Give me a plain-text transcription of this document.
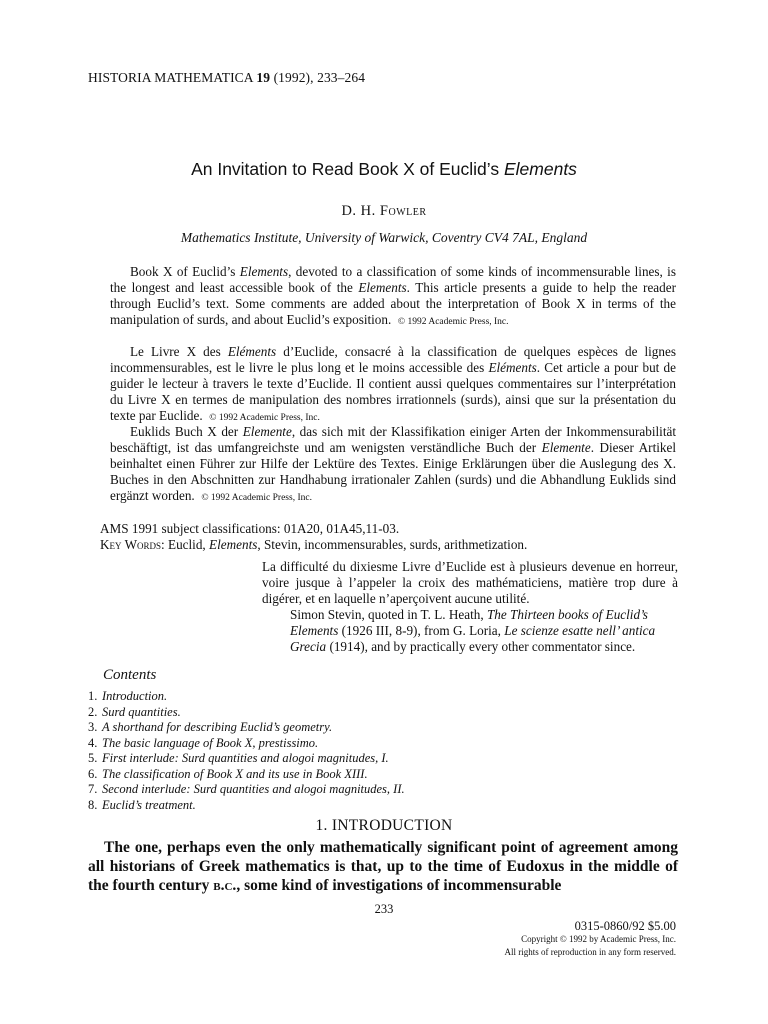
HISTORIA MATHEMATICA 19 (1992), 233–264
An Invitation to Read Book X of Euclid’s Elements
D. H. Fowler
Mathematics Institute, University of Warwick, Coventry CV4 7AL, England

Book X of Euclid’s Elements, devoted to a classification of some kinds of incommensurable lines, is the longest and least accessible book of the Elements. This article presents a guide to help the reader through Euclid’s text. Some comments are added about the interpretation of Book X in terms of the manipulation of surds, and about Euclid’s exposition. © 1992 Academic Press, Inc.

Le Livre X des Eléments d’Euclide, consacré à la classification de quelques espèces de lignes incommensurables, est le livre le plus long et le moins accessible des Eléments. Cet article a pour but de guider le lecteur à travers le texte d’Euclide. Il contient aussi quelques commentaires sur l’interprétation du Livre X en termes de manipulation des nombres irrationnels (surds), ainsi que sur la présentation du texte par Euclide. © 1992 Academic Press, Inc.

Euklids Buch X der Elemente, das sich mit der Klassifikation einiger Arten der Inkommensurabilität beschäftigt, ist das umfangreichste und am wenigsten verständliche Buch der Elemente. Dieser Artikel beinhaltet einen Führer zur Hilfe der Lektüre des Textes. Einige Erklärungen über die Auslegung des X. Buches in den Abschnitten zur Handhabung irrationaler Zahlen (surds) und die Abhandlung Euklids sind ergänzt worden. © 1992 Academic Press, Inc.

AMS 1991 subject classifications: 01A20, 01A45,11-03.
Key Words: Euclid, Elements, Stevin, incommensurables, surds, arithmetization.

La difficulté du dixiesme Livre d’Euclide est à plusieurs devenue en horreur, voire jusque à l’appeler la croix des mathématiciens, matière trop dure à digérer, et en laquelle n’aperçoivent aucune utilité.

Simon Stevin, quoted in T. L. Heath, The Thirteen books of Euclid’s Elements (1926 III, 8-9), from G. Loria, Le scienze esatte nell’ antica Grecia (1914), and by practically every other commentator since.

Contents
1. Introduction.
2. Surd quantities.
3. A shorthand for describing Euclid’s geometry.
4. The basic language of Book X, prestissimo.
5. First interlude: Surd quantities and alogoi magnitudes, I.
6. The classification of Book X and its use in Book XIII.
7. Second interlude: Surd quantities and alogoi magnitudes, II.
8. Euclid’s treatment.
1. INTRODUCTION

The one, perhaps even the only mathematically significant point of agreement among all historians of Greek mathematics is that, up to the time of Eudoxus in the middle of the fourth century b.c., some kind of investigations of incommensurable

233
0315-0860/92 $5.00
Copyright © 1992 by Academic Press, Inc.
All rights of reproduction in any form reserved.
